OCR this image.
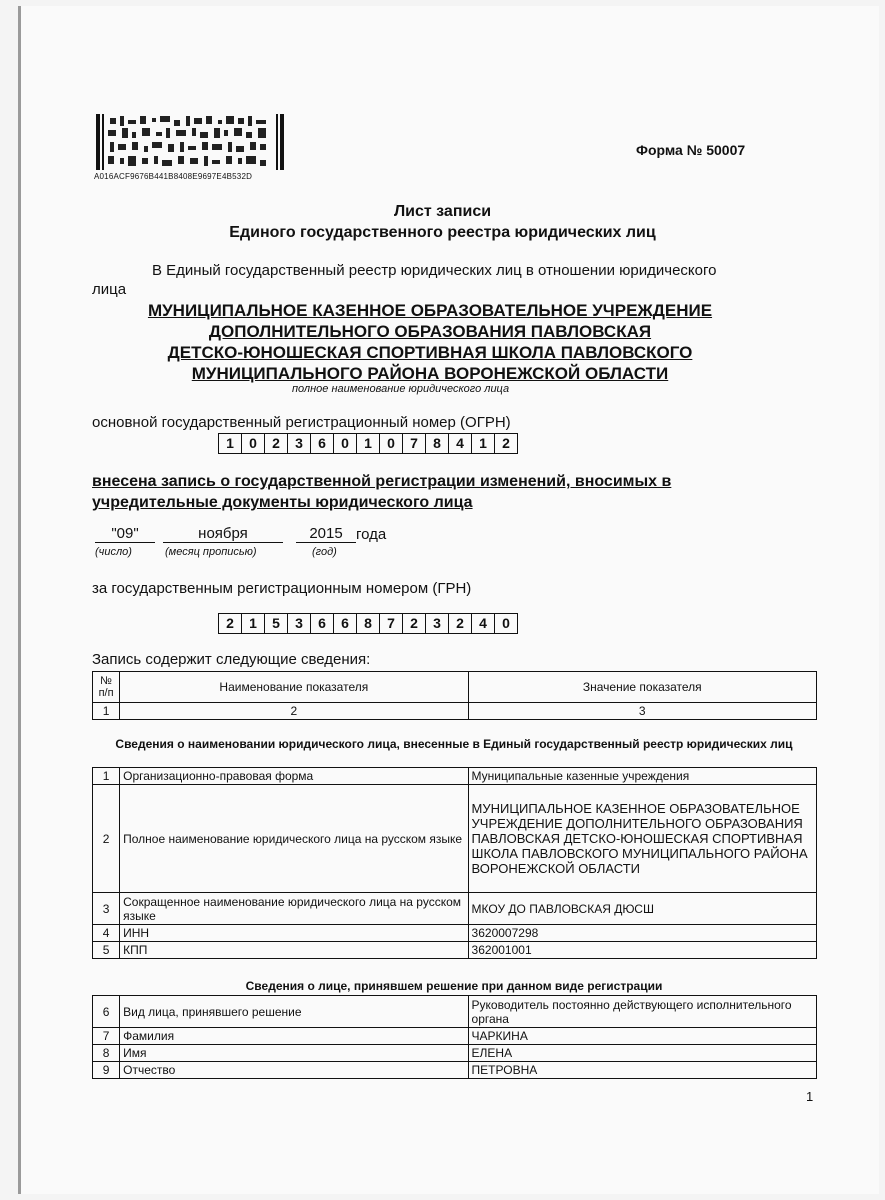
A016ACF9676B441B8408E9697E4B532D
Форма № 50007
Лист записи
Единого государственного реестра юридических лиц
В Единый государственный реестр юридических лиц в отношении юридического
лица
МУНИЦИПАЛЬНОЕ КАЗЕННОЕ ОБРАЗОВАТЕЛЬНОЕ УЧРЕЖДЕНИЕ
ДОПОЛНИТЕЛЬНОГО ОБРАЗОВАНИЯ ПАВЛОВСКАЯ
ДЕТСКО-ЮНОШЕСКАЯ СПОРТИВНАЯ ШКОЛА ПАВЛОВСКОГО
МУНИЦИПАЛЬНОГО РАЙОНА ВОРОНЕЖСКОЙ ОБЛАСТИ
полное наименование юридического лица
основной государственный регистрационный номер (ОГРН)
1	0	2	3	6	0	1	0	7	8	4	1	2
внесена запись о государственной регистрации изменений, вносимых в
учредительные документы юридического лица
"09"	ноября	2015 года
(число)	(месяц прописью)	(год)
за государственным регистрационным номером (ГРН)
2	1	5	3	6	6	8	7	2	3	2	4	0
Запись содержит следующие сведения:
№ п/п	Наименование показателя	Значение показателя
1	2	3
Сведения о наименовании юридического лица, внесенные в Единый государственный реестр юридических лиц
1	Организационно-правовая форма	Муниципальные казенные учреждения
2	Полное наименование юридического лица на русском языке	МУНИЦИПАЛЬНОЕ КАЗЕННОЕ ОБРАЗОВАТЕЛЬНОЕ УЧРЕЖДЕНИЕ ДОПОЛНИТЕЛЬНОГО ОБРАЗОВАНИЯ ПАВЛОВСКАЯ ДЕТСКО-ЮНОШЕСКАЯ СПОРТИВНАЯ ШКОЛА ПАВЛОВСКОГО МУНИЦИПАЛЬНОГО РАЙОНА ВОРОНЕЖСКОЙ ОБЛАСТИ
3	Сокращенное наименование юридического лица на русском языке	МКОУ ДО ПАВЛОВСКАЯ ДЮСШ
4	ИНН	3620007298
5	КПП	362001001
Сведения о лице, принявшем решение при данном виде регистрации
6	Вид лица, принявшего решение	Руководитель постоянно действующего исполнительного органа
7	Фамилия	ЧАРКИНА
8	Имя	ЕЛЕНА
9	Отчество	ПЕТРОВНА
1
